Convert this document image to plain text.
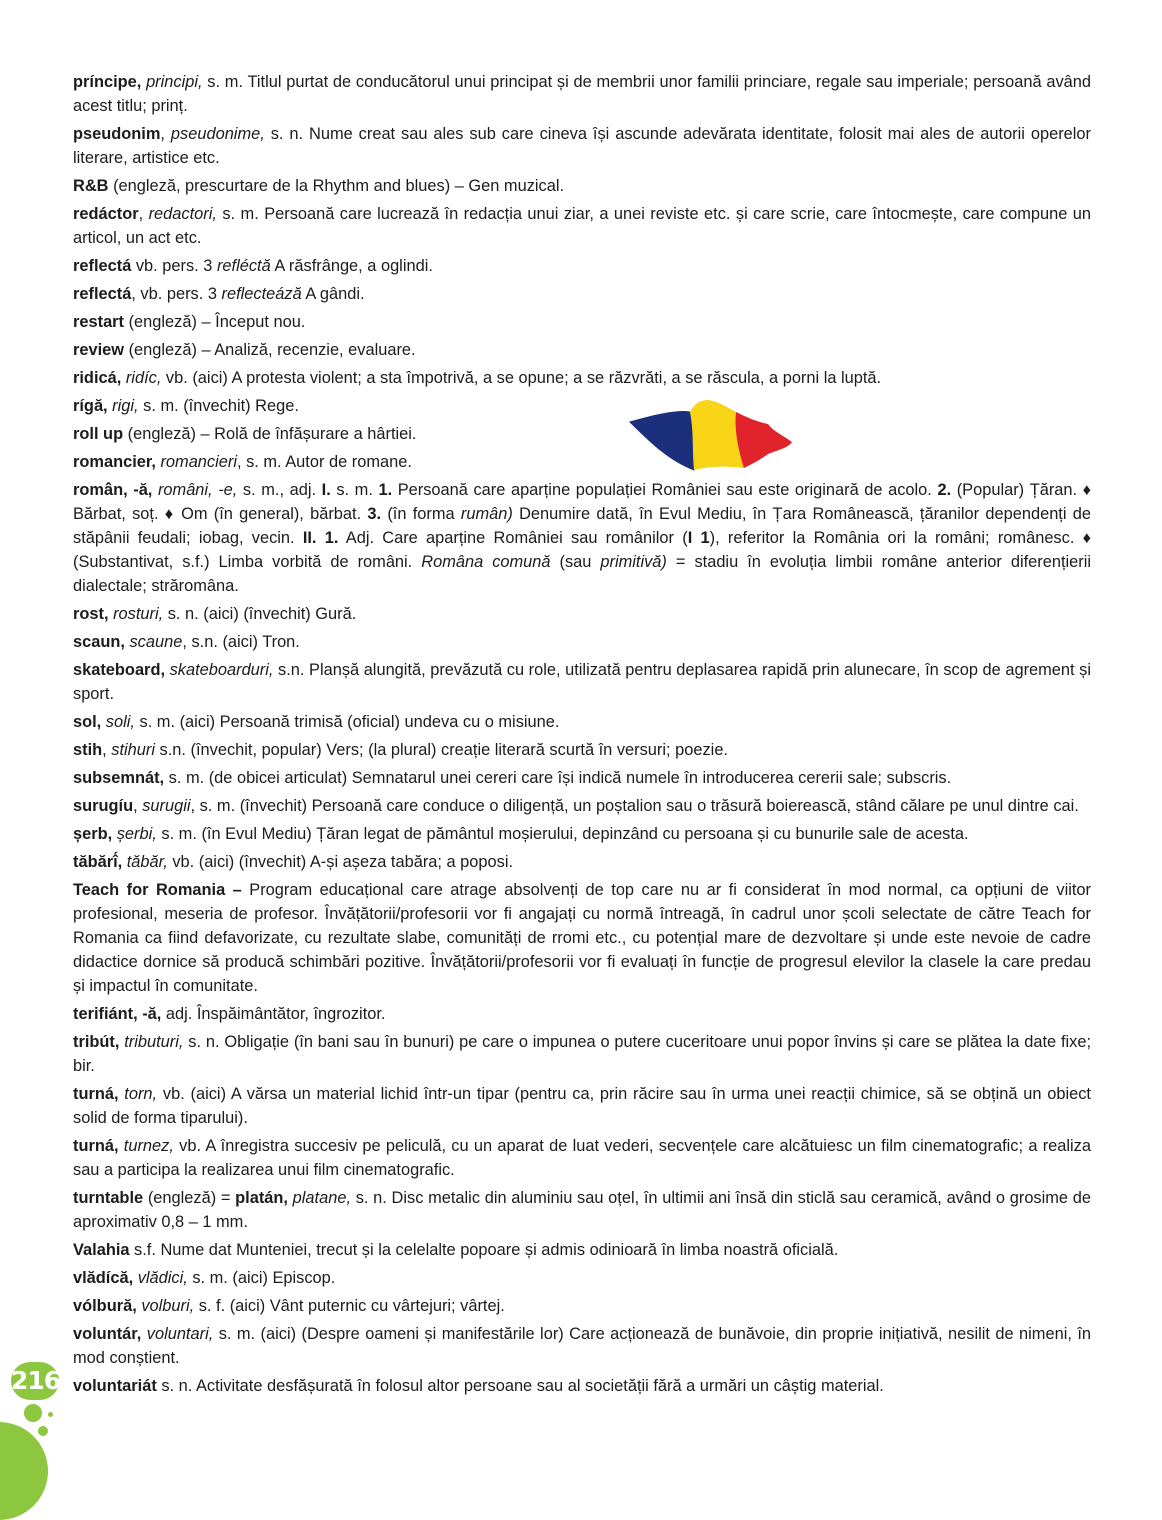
príncipe, principi, s. m. Titlul purtat de conducătorul unui principat și de membrii unor familii princiare, regale sau imperiale; persoană având acest titlu; prinț.
pseudonim, pseudonime, s. n. Nume creat sau ales sub care cineva își ascunde adevărata identitate, folosit mai ales de autorii operelor literare, artistice etc.
R&B (engleză, prescurtare de la Rhythm and blues) – Gen muzical.
redáctor, redactori, s. m. Persoană care lucrează în redacția unui ziar, a unei reviste etc. și care scrie, care întocmește, care compune un articol, un act etc.
reflectá vb. pers. 3 refléctă A răsfrânge, a oglindi.
reflectá, vb. pers. 3 reflecteáză A gândi.
restart (engleză) – Început nou.
review (engleză) – Analiză, recenzie, evaluare.
ridicá, ridíc, vb. (aici) A protesta violent; a sta împotrivă, a se opune; a se răzvrăti, a se răscula, a porni la luptă.
rígă, rigi, s. m. (învechit) Rege.
roll up (engleză) – Rolă de înfășurare a hârtiei.
romancier, romancieri, s. m. Autor de romane.
român, -ă, români, -e, s. m., adj. I. s. m. 1. Persoană care aparține populației României sau este originară de acolo. 2. (Popular) Țăran. ♦ Bărbat, soț. ♦ Om (în general), bărbat. 3. (în forma rumân) Denumire dată, în Evul Mediu, în Țara Românească, țăranilor dependenți de stăpânii feudali; iobag, vecin. II. 1. Adj. Care aparține României sau românilor (I 1), referitor la România ori la români; românesc. ♦ (Substantivat, s.f.) Limba vorbită de români. Româna comună (sau primitivă) = stadiu în evoluția limbii române anterior diferențierii dialectale; străromâna.
rost, rosturi, s. n. (aici) (învechit) Gură.
scaun, scaune, s.n. (aici) Tron.
skateboard, skateboarduri, s.n. Planșă alungită, prevăzută cu role, utilizată pentru deplasarea rapidă prin alunecare, în scop de agrement și sport.
sol, soli, s. m. (aici) Persoană trimisă (oficial) undeva cu o misiune.
stih, stihuri s.n. (învechit, popular) Vers; (la plural) creație literară scurtă în versuri; poezie.
subsemnát, s. m. (de obicei articulat) Semnatarul unei cereri care își indică numele în introducerea cererii sale; subscris.
surugíu, surugii, s. m. (învechit) Persoană care conduce o diligență, un poștalion sau o trăsură boierească, stând călare pe unul dintre cai.
șerb, șerbi, s. m. (în Evul Mediu) Țăran legat de pământul moșierului, depinzând cu persoana și cu bunurile sale de acesta.
tăbărî́, tăbăr, vb. (aici) (învechit) A-și așeza tabăra; a poposi.
Teach for Romania – Program educațional care atrage absolvenți de top care nu ar fi considerat în mod normal, ca opțiuni de viitor profesional, meseria de profesor. Învățătorii/profesorii vor fi angajați cu normă întreagă, în cadrul unor școli selectate de către Teach for Romania ca fiind defavorizate, cu rezultate slabe, comunități de rromi etc., cu potențial mare de dezvoltare și unde este nevoie de cadre didactice dornice să producă schimbări pozitive. Învățătorii/profesorii vor fi evaluați în funcție de progresul elevilor la clasele la care predau și impactul în comunitate.
terifiánt, -ă, adj. Înspăimântător, îngrozitor.
tribút, tributuri, s. n. Obligație (în bani sau în bunuri) pe care o impunea o putere cuceritoare unui popor învins și care se plătea la date fixe; bir.
turná, torn, vb. (aici) A vărsa un material lichid într-un tipar (pentru ca, prin răcire sau în urma unei reacții chimice, să se obțină un obiect solid de forma tiparului).
turná, turnez, vb. A înregistra succesiv pe peliculă, cu un aparat de luat vederi, secvențele care alcătuiesc un film cinematografic; a realiza sau a participa la realizarea unui film cinematografic.
turntable (engleză) = platán, platane, s. n. Disc metalic din aluminiu sau oțel, în ultimii ani însă din sticlă sau ceramică, având o grosime de aproximativ 0,8 – 1 mm.
Valahia s.f. Nume dat Munteniei, trecut și la celelalte popoare și admis odinioară în limba noastră oficială.
vlădícă, vlădici, s. m. (aici) Episcop.
vólbură, volburi, s. f. (aici) Vânt puternic cu vârtejuri; vârtej.
voluntár, voluntari, s. m. (aici) (Despre oameni și manifestările lor) Care acționează de bunăvoie, din proprie inițiativă, nesilit de nimeni, în mod conștient.
voluntariát s. n. Activitate desfășurată în folosul altor persoane sau al societății fără a urmări un câștig material.
216
